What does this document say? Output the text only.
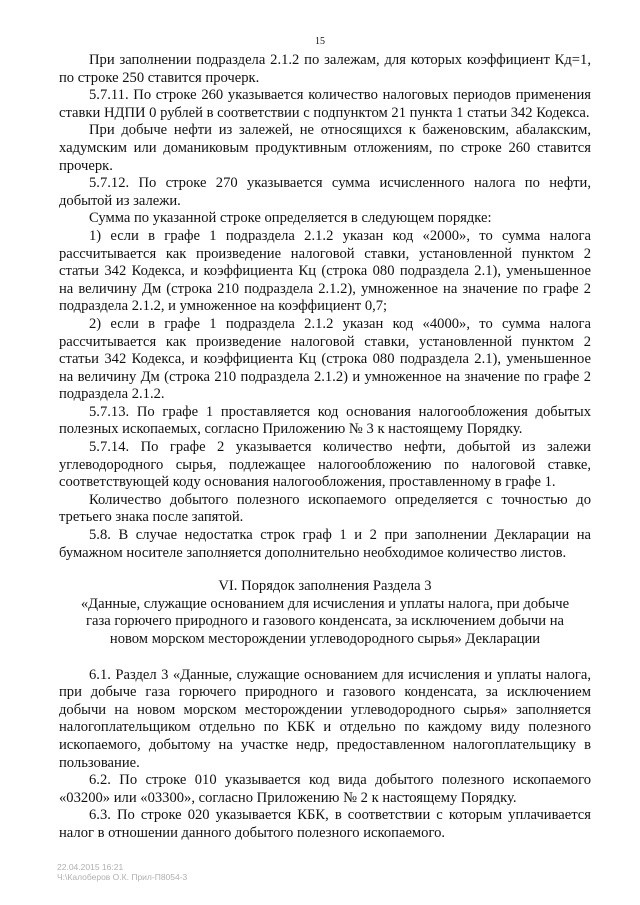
15

При заполнении подраздела 2.1.2 по залежам, для которых коэффициент Кд=1, по строке 250 ставится прочерк.

5.7.11. По строке 260 указывается количество налоговых периодов применения ставки НДПИ 0 рублей в соответствии с подпунктом 21 пункта 1 статьи 342 Кодекса.

При добыче нефти из залежей, не относящихся к баженовским, абалакским, хадумским или доманиковым продуктивным отложениям, по строке 260 ставится прочерк.

5.7.12. По строке 270 указывается сумма исчисленного налога по нефти, добытой из залежи.

Сумма по указанной строке определяется в следующем порядке:

1) если в графе 1 подраздела 2.1.2 указан код «2000», то сумма налога рассчитывается как произведение налоговой ставки, установленной пунктом 2 статьи 342 Кодекса, и коэффициента Кц (строка 080 подраздела 2.1), уменьшенное на величину Дм (строка 210 подраздела 2.1.2), умноженное на значение по графе 2 подраздела 2.1.2, и умноженное на коэффициент 0,7;

2) если в графе 1 подраздела 2.1.2 указан код «4000», то сумма налога рассчитывается как произведение налоговой ставки, установленной пунктом 2 статьи 342 Кодекса, и коэффициента Кц (строка 080 подраздела 2.1), уменьшенное на величину Дм (строка 210 подраздела 2.1.2) и умноженное на значение по графе 2 подраздела 2.1.2.

5.7.13. По графе 1 проставляется код основания налогообложения добытых полезных ископаемых, согласно Приложению № 3 к настоящему Порядку.

5.7.14. По графе 2 указывается количество нефти, добытой из залежи углеводородного сырья, подлежащее налогообложению по налоговой ставке, соответствующей коду основания налогообложения, проставленному в графе 1.

Количество добытого полезного ископаемого определяется с точностью до третьего знака после запятой.

5.8. В случае недостатка строк граф 1 и 2 при заполнении Декларации на бумажном носителе заполняется дополнительно необходимое количество листов.

VI. Порядок заполнения Раздела 3
«Данные, служащие основанием для исчисления и уплаты налога, при добыче
газа горючего природного и газового конденсата, за исключением добычи на
новом морском месторождении углеводородного сырья» Декларации

6.1. Раздел 3 «Данные, служащие основанием для исчисления и уплаты налога, при добыче газа горючего природного и газового конденсата, за исключением добычи на новом морском месторождении углеводородного сырья» заполняется налогоплательщиком отдельно по КБК и отдельно по каждому виду полезного ископаемого, добытому на участке недр, предоставленном налогоплательщику в пользование.

6.2. По строке 010 указывается код вида добытого полезного ископаемого «03200» или «03300», согласно Приложению № 2 к настоящему Порядку.

6.3. По строке 020 указывается КБК, в соответствии с которым уплачивается налог в отношении данного добытого полезного ископаемого.

22.04.2015 16:21
Ч:\Калоберов О.К. Прил-П8054-3
